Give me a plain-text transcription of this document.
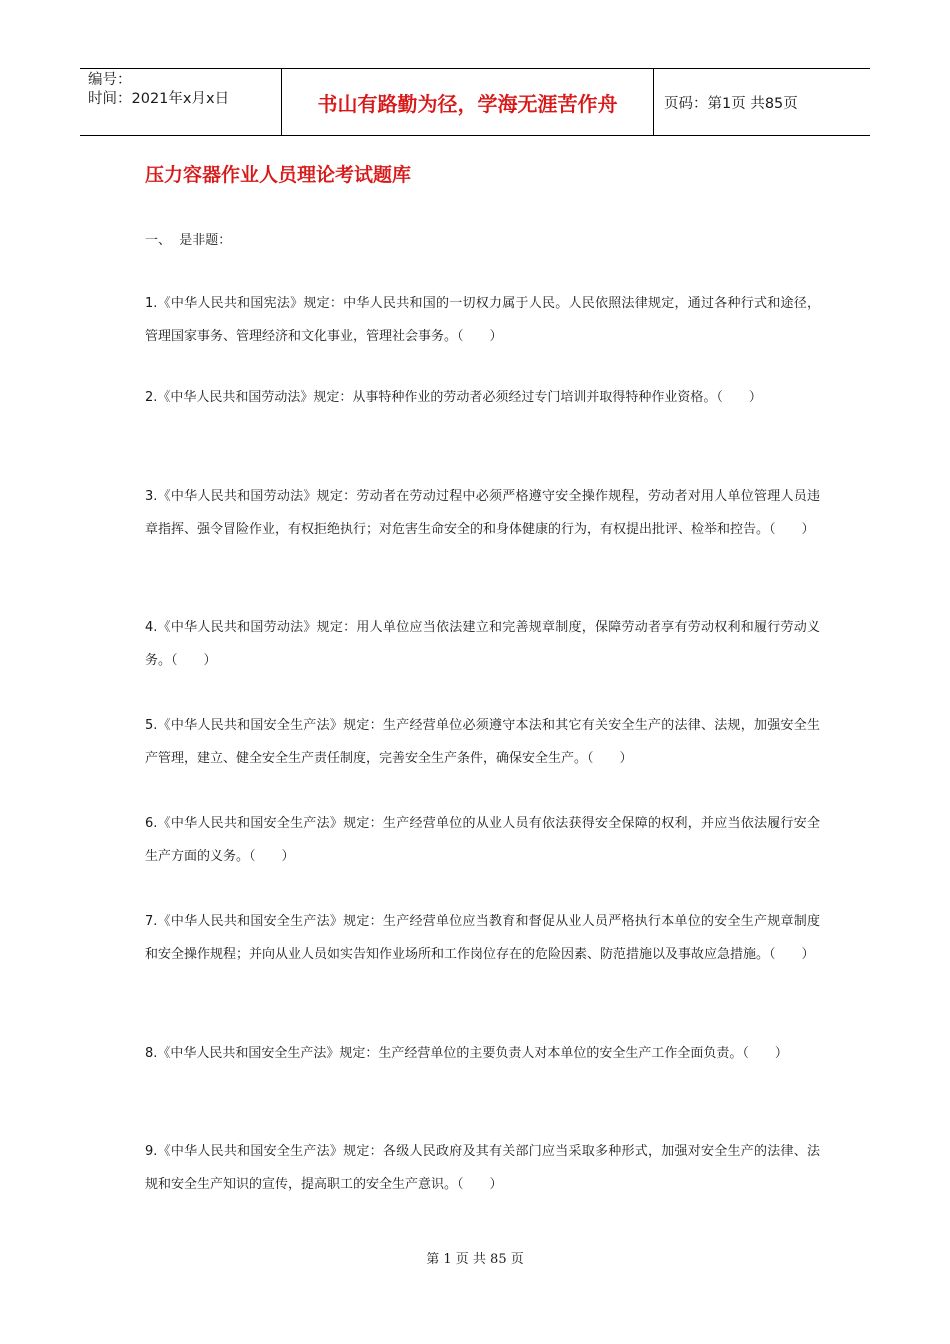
编号：
时间：2021年x月x日	书山有路勤为径，学海无涯苦作舟	页码：第1页 共85页
压力容器作业人员理论考试题库
一、  是非题：
1.《中华人民共和国宪法》规定：中华人民共和国的一切权力属于人民。人民依照法律规定，通过各种行式和途径，管理国家事务、管理经济和文化事业，管理社会事务。（　　）
2.《中华人民共和国劳动法》规定：从事特种作业的劳动者必须经过专门培训并取得特种作业资格。（　　）
3.《中华人民共和国劳动法》规定：劳动者在劳动过程中必须严格遵守安全操作规程，劳动者对用人单位管理人员违章指挥、强令冒险作业，有权拒绝执行；对危害生命安全的和身体健康的行为，有权提出批评、检举和控告。（　　）
4.《中华人民共和国劳动法》规定：用人单位应当依法建立和完善规章制度，保障劳动者享有劳动权利和履行劳动义务。（　　）
5.《中华人民共和国安全生产法》规定：生产经营单位必须遵守本法和其它有关安全生产的法律、法规，加强安全生产管理，建立、健全安全生产责任制度，完善安全生产条件，确保安全生产。（　　）
6.《中华人民共和国安全生产法》规定：生产经营单位的从业人员有依法获得安全保障的权利，并应当依法履行安全生产方面的义务。（　　）
7.《中华人民共和国安全生产法》规定：生产经营单位应当教育和督促从业人员严格执行本单位的安全生产规章制度和安全操作规程；并向从业人员如实告知作业场所和工作岗位存在的危险因素、防范措施以及事故应急措施。（　　）
8.《中华人民共和国安全生产法》规定：生产经营单位的主要负责人对本单位的安全生产工作全面负责。（　　）
9.《中华人民共和国安全生产法》规定：各级人民政府及其有关部门应当采取多种形式，加强对安全生产的法律、法规和安全生产知识的宣传，提高职工的安全生产意识。（　　）
第 1 页 共 85 页
